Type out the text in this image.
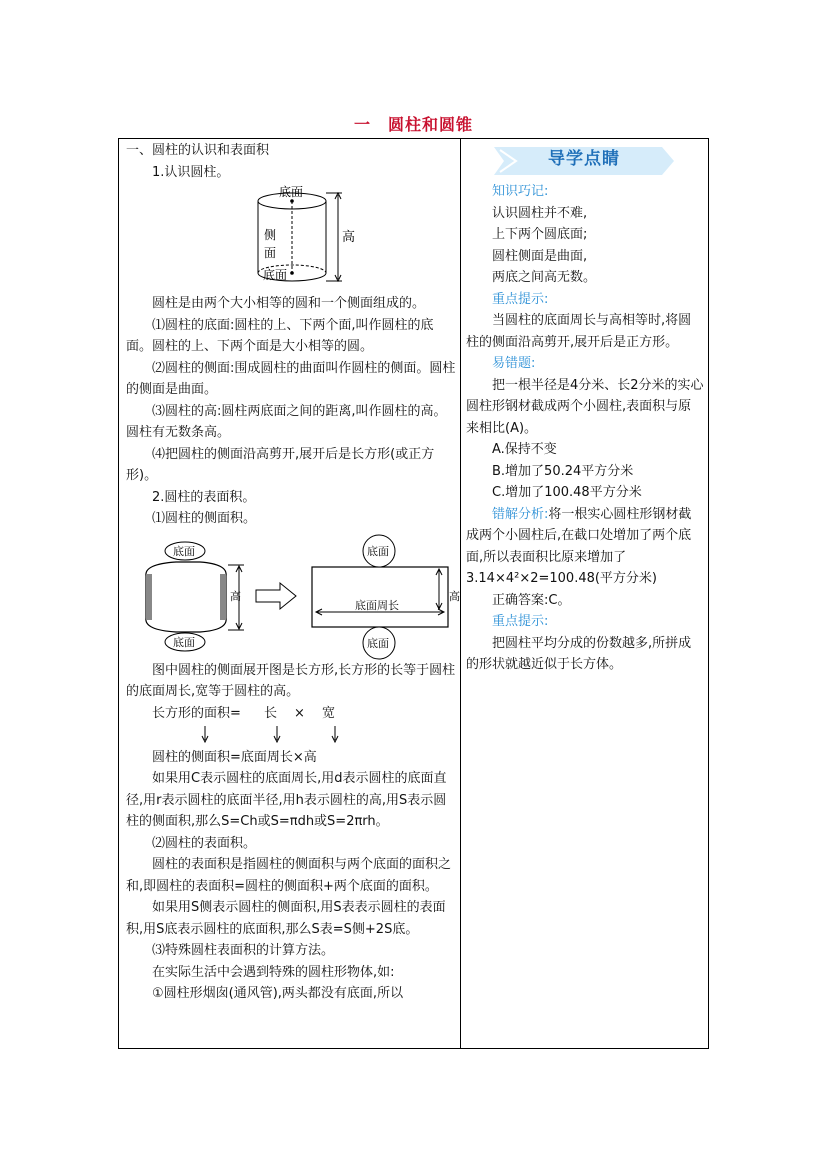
一　圆柱和圆锥

一、圆柱的认识和表面积

1.认识圆柱。

底面
侧
面
底面
高

圆柱是由两个大小相等的圆和一个侧面组成的。

⑴圆柱的底面:圆柱的上、下两个面,叫作圆柱的底面。圆柱的上、下两个面是大小相等的圆。

⑵圆柱的侧面:围成圆柱的曲面叫作圆柱的侧面。圆柱的侧面是曲面。

⑶圆柱的高:圆柱两底面之间的距离,叫作圆柱的高。圆柱有无数条高。

⑷把圆柱的侧面沿高剪开,展开后是长方形(或正方形)。

2.圆柱的表面积。

⑴圆柱的侧面积。

底面
底面
高
底面
底面
高
底面周长

图中圆柱的侧面展开图是长方形,长方形的长等于圆柱的底面周长,宽等于圆柱的高。

长方形的面积= 长 × 宽

圆柱的侧面积=底面周长×高

如果用C表示圆柱的底面周长,用d表示圆柱的底面直径,用r表示圆柱的底面半径,用h表示圆柱的高,用S表示圆柱的侧面积,那么S=Ch或S=πdh或S=2πrh。

⑵圆柱的表面积。

圆柱的表面积是指圆柱的侧面积与两个底面的面积之和,即圆柱的表面积=圆柱的侧面积+两个底面的面积。

如果用S侧表示圆柱的侧面积,用S表表示圆柱的表面积,用S底表示圆柱的底面积,那么S表=S侧+2S底。

⑶特殊圆柱表面积的计算方法。

在实际生活中会遇到特殊的圆柱形物体,如:

①圆柱形烟囱(通风管),两头都没有底面,所以

导学点睛

知识巧记:

认识圆柱并不难,

上下两个圆底面;

圆柱侧面是曲面,

两底之间高无数。

重点提示:

当圆柱的底面周长与高相等时,将圆柱的侧面沿高剪开,展开后是正方形。

易错题:

把一根半径是4分米、长2分米的实心圆柱形钢材截成两个小圆柱,表面积与原来相比(A)。

A.保持不变

B.增加了50.24平方分米

C.增加了100.48平方分米

错解分析:将一根实心圆柱形钢材截成两个小圆柱后,在截口处增加了两个底面,所以表面积比原来增加了3.14×4²×2=100.48(平方分米)

正确答案:C。

重点提示:

把圆柱平均分成的份数越多,所拼成的形状就越近似于长方体。
